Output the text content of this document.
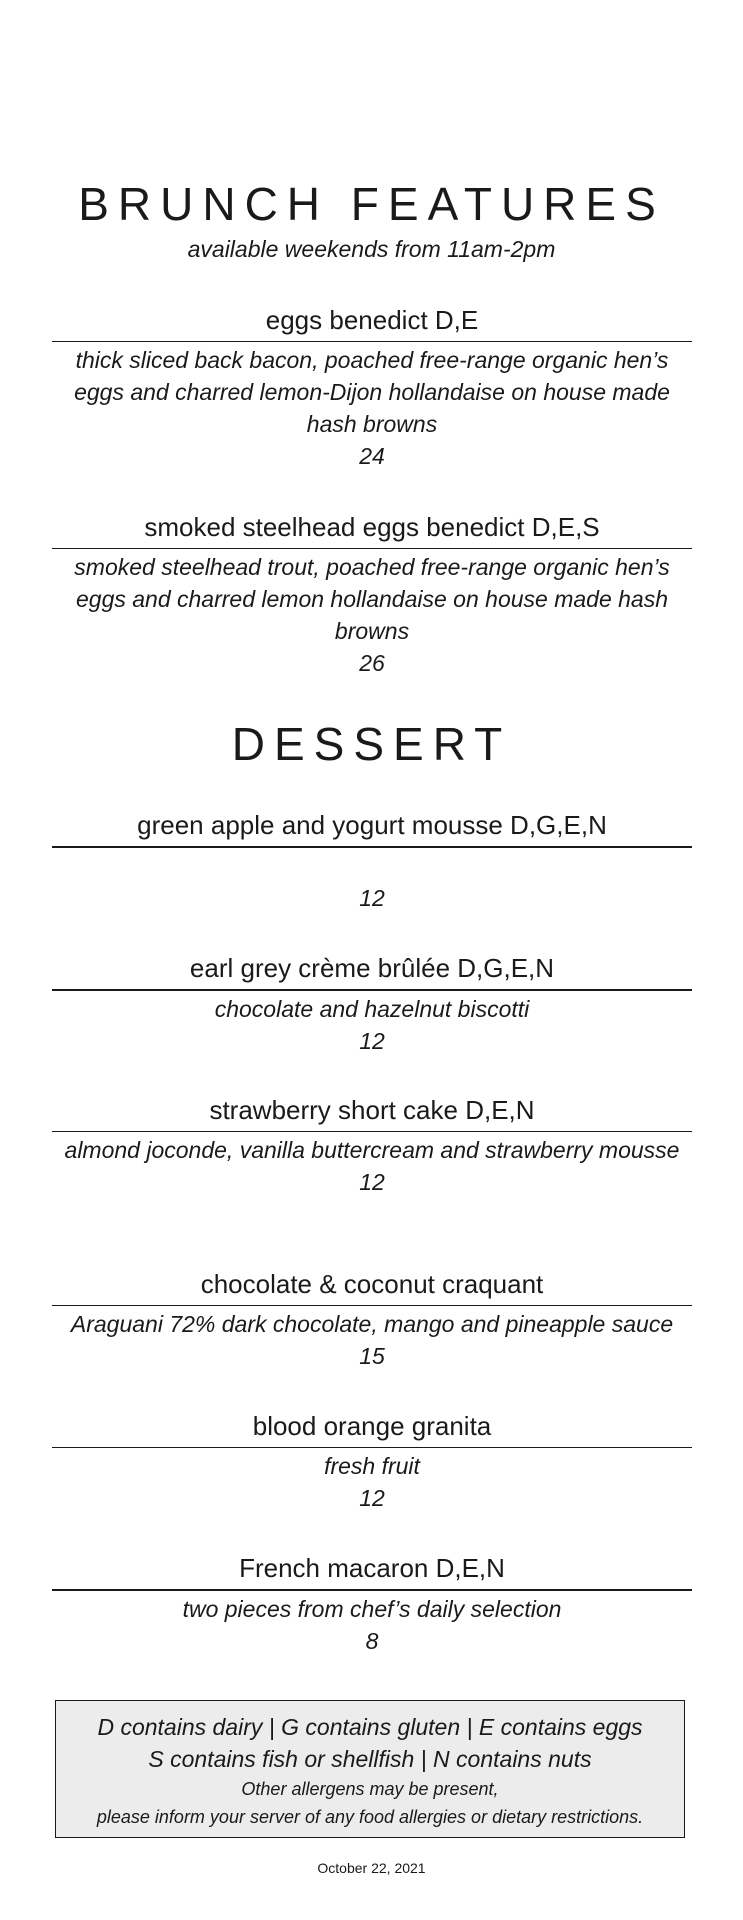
BRUNCH FEATURES
available weekends from 11am-2pm
eggs benedict D,E
thick sliced back bacon, poached free-range organic hen’s eggs and charred lemon-Dijon hollandaise on house made hash browns
24
smoked steelhead eggs benedict D,E,S
smoked steelhead trout, poached free-range organic hen’s eggs and charred lemon hollandaise on house made hash browns
26
DESSERT
green apple and yogurt mousse D,G,E,N
12
earl grey crème brûlée D,G,E,N
chocolate and hazelnut biscotti
12
strawberry short cake D,E,N
almond joconde, vanilla buttercream and strawberry mousse
12
chocolate & coconut craquant
Araguani 72% dark chocolate, mango and pineapple sauce
15
blood orange granita
fresh fruit
12
French macaron D,E,N
two pieces from chef’s daily selection
8
D contains dairy | G contains gluten | E contains eggs
S contains fish or shellfish | N contains nuts
Other allergens may be present,
please inform your server of any food allergies or dietary restrictions.
October 22, 2021
